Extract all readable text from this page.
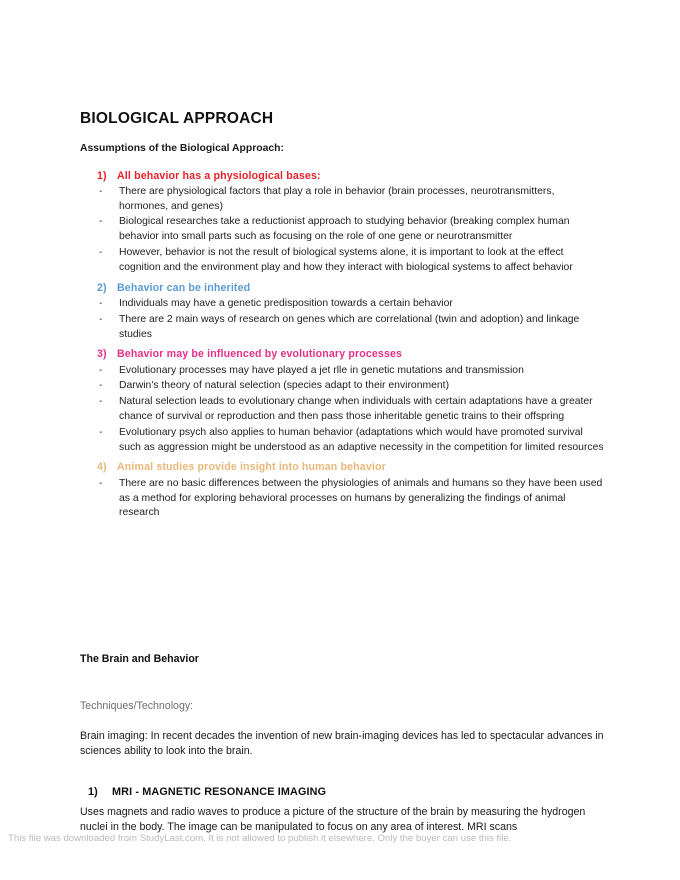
BIOLOGICAL APPROACH

Assumptions of the Biological Approach:

1) All behavior has a physiological bases:

- There are physiological factors that play a role in behavior (brain processes, neurotransmitters, hormones, and genes)

- Biological researches take a reductionist approach to studying behavior (breaking complex human behavior into small parts such as focusing on the role of one gene or neurotransmitter

- However, behavior is not the result of biological systems alone, it is important to look at the effect cognition and the environment play and how they interact with biological systems to affect behavior

2) Behavior can be inherited

- Individuals may have a genetic predisposition towards a certain behavior

- There are 2 main ways of research on genes which are correlational (twin and adoption) and linkage studies

3) Behavior may be influenced by evolutionary processes

- Evolutionary processes may have played a jet rlle in genetic mutations and transmission

- Darwin's theory of natural selection (species adapt to their environment)

- Natural selection leads to evolutionary change when individuals with certain adaptations have a greater chance of survival or reproduction and then pass those inheritable genetic trains to their offspring

- Evolutionary psych also applies to human behavior (adaptations which would have promoted survival such as aggression might be understood as an adaptive necessity in the competition for limited resources

4) Animal studies provide insight into human behavior

- There are no basic differences between the physiologies of animals and humans so they have been used as a method for exploring behavioral processes on humans by generalizing the findings of animal research

The Brain and Behavior

Techniques/Technology:

Brain imaging: In recent decades the invention of new brain-imaging devices has led to spectacular advances in sciences ability to look into the brain.

1) MRI - MAGNETIC RESONANCE IMAGING

Uses magnets and radio waves to produce a picture of the structure of the brain by measuring the hydrogen nuclei in the body. The image can be manipulated to focus on any area of interest. MRI scans

This file was downloaded from StudyLast.com. It is not allowed to publish it elsewhere. Only the buyer can use this file.
